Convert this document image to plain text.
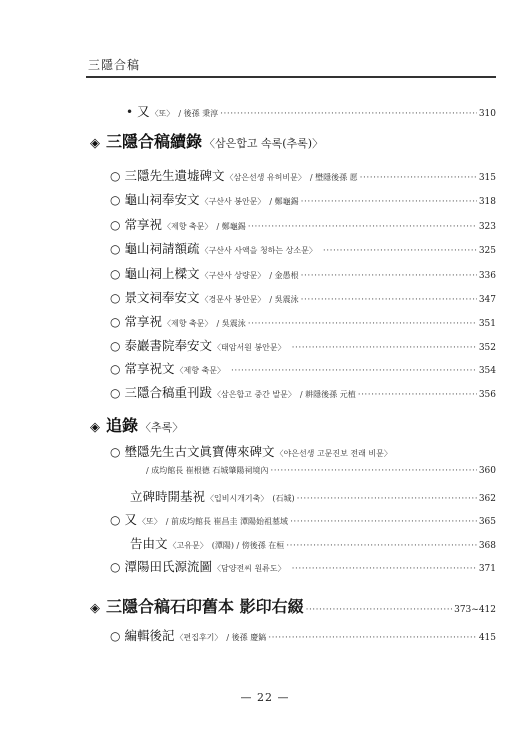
三隱合稿
• 又 〈또〉 / 後孫 秉淳 ·····	310
◈ 三隱合稿續錄 〈삼은합고 속록(추록)〉
○ 三隱先生遺墟碑文 〈삼은선생 유허비문〉 / 壄隱後孫 愿 ·····	315
○ 龜山祠奉安文 〈구산사 봉안문〉 / 鄭龜錫 ·····	318
○ 常享祝 〈제향 축문〉 / 鄭龜錫 ·····	323
○ 龜山祠請額疏 〈구산사 사액을 청하는 상소문〉 ·····	325
○ 龜山祠上樑文 〈구산사 상량문〉 / 金愚根 ·····	336
○ 景文祠奉安文 〈경문사 봉안문〉 / 吳震泳 ·····	347
○ 常享祝 〈제향 축문〉 / 吳震泳 ·····	351
○ 泰巖書院奉安文 〈태암서원 봉안문〉 ·····	352
○ 常享祝文 〈제향 축문〉 ·····	354
○ 三隱合稿重刊跋 〈삼은합고 중간 발문〉 / 耕隱後孫 元植 ·····	356
◈ 追錄 〈추록〉
○ 壄隱先生古文眞寶傳來碑文 〈야은선생 고문진보 전래 비문〉
/ 成均館長 崔根德 石城肇陽祠境內 ·····	360
立碑時開基祝 〈입비시개기축〉 (石城) ·····	362
○ 又 〈또〉 / 前成均館長 崔昌圭 潭陽始祖墓域 ·····	365
告由文 〈고유문〉 (潭陽) / 傍後孫 在桓 ·····	368
○ 潭陽田氏源流圖 〈담양전씨 원류도〉 ·····	371
◈ 三隱合稿石印舊本 影印右綴 ·····	373~412
○ 編輯後記 〈편집후기〉 / 後孫 慶鎬 ·····	415
— 22 —
